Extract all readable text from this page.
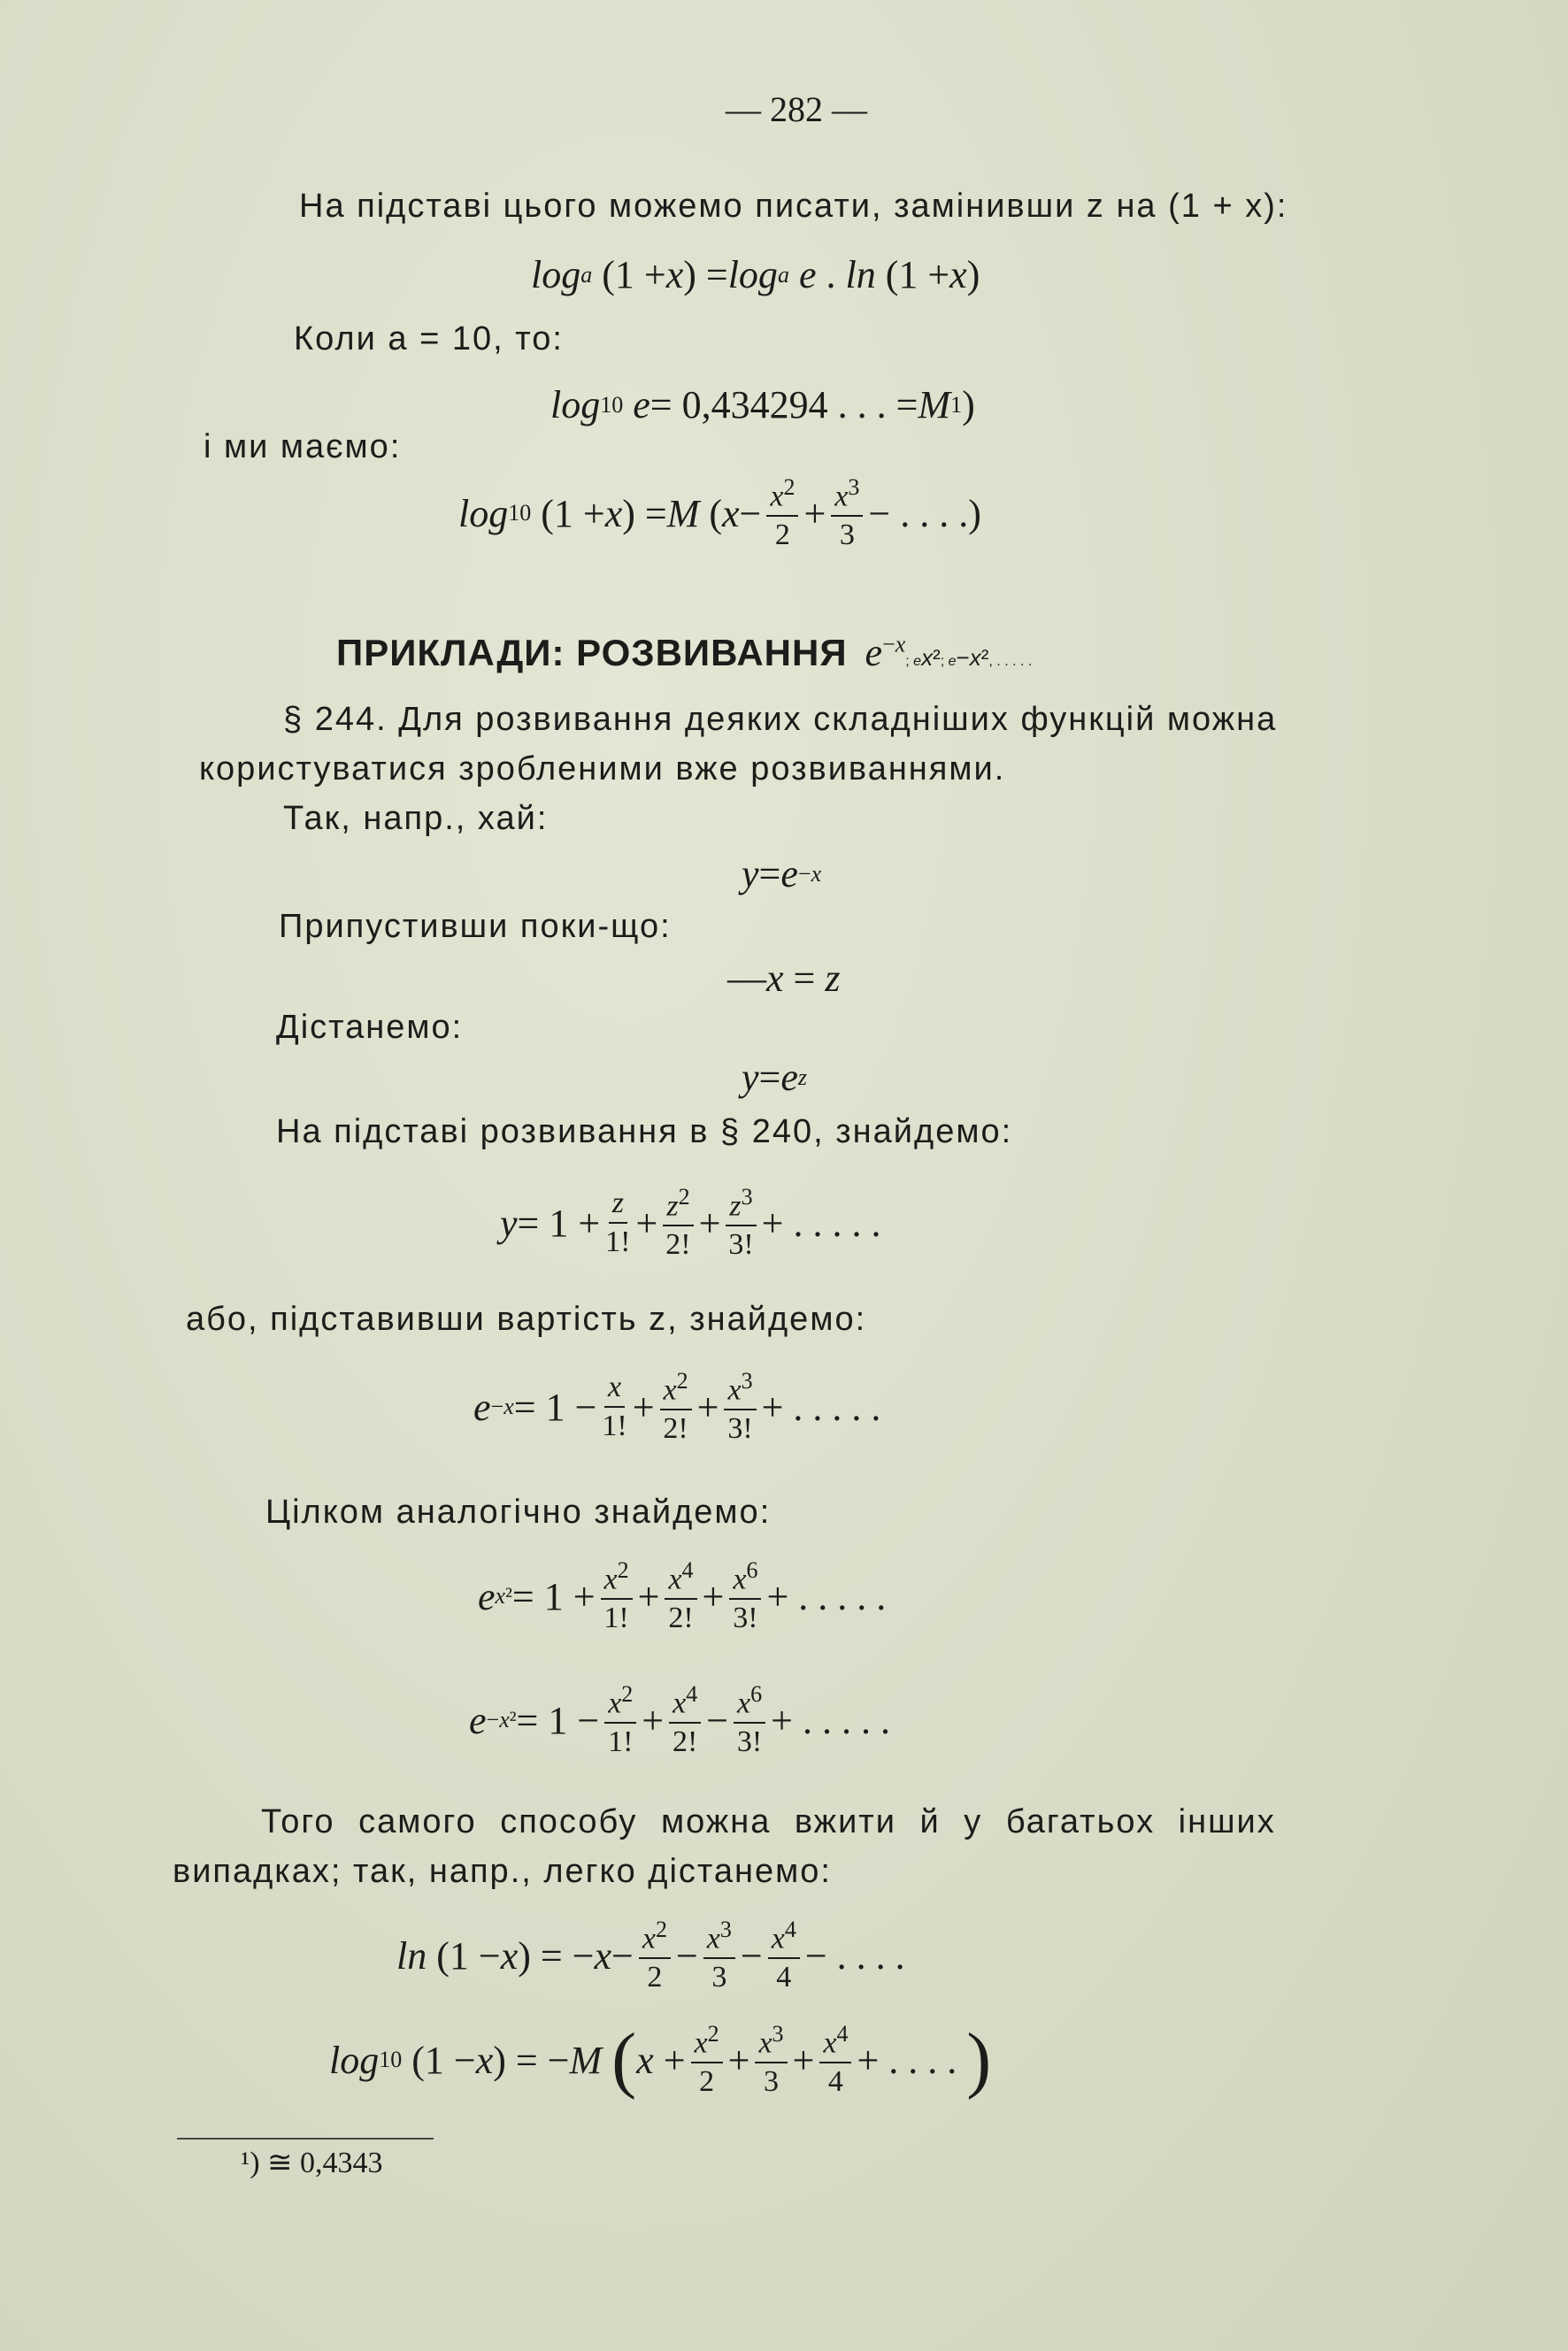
— 282 —
На підставі цього можемо писати, замінивши z на (1 + x):
log a (1 + x ) = log a
e . ln (1 + x )
Коли a = 10, то:
log 10
e = 0,434294 . . . = M 1 )
і ми маємо:
log 10 (1 + x ) = M ( $x - \frac{x^2}{2} + \frac{x^3}{3}$ − . . . .)
ПРИКЛАДИ: РОЗВИВАННЯ $e^{-x}$
; e x² ; e −x² , . . . . .
§ 244. Для розвивання деяких складніших функцій можна
користуватися зробленими вже розвиваннями.
Так, напр., хай:
y = e −x
Припустивши поки-що:
— x = z
Дістанемо:
y = e z
На підставі розвивання в § 240, знайдемо:
$y = 1 + \frac{z}{1!} + \frac{z^2}{2!} + \frac{z^3}{3!}$ + . . . . .
або, підставивши вартість z, знайдемо:
$e -x = 1 - \frac{x}{1!} + \frac{x^2}{2!} + \frac{x^3}{3!}$ + . . . . .
Цілком аналогічно знайдемо:
e $x^2 = 1 + \frac{x^2}{1!} + \frac{x^4}{2!} + \frac{x^6}{3!}$ + . . . . .
$e -x^2 = 1 - \frac{x^2}{1!} + \frac{x^4}{2!} - \frac{x^6}{3!}$ + . . . . .
Того самого способу можна вжити й у багатьох інших
випадках; так, напр., легко дістанемо:
ln (1 − x ) = − $x - \frac{x^2}{2} - \frac{x^3}{3} - \frac{x^4}{4}$ − . . . .
log 10 (1 − x ) = − M
( $x + \frac{x^2}{2} + \frac{x^3}{3} + \frac{x^4}{4}$ + . . . . )
¹) ≅ 0,4343
